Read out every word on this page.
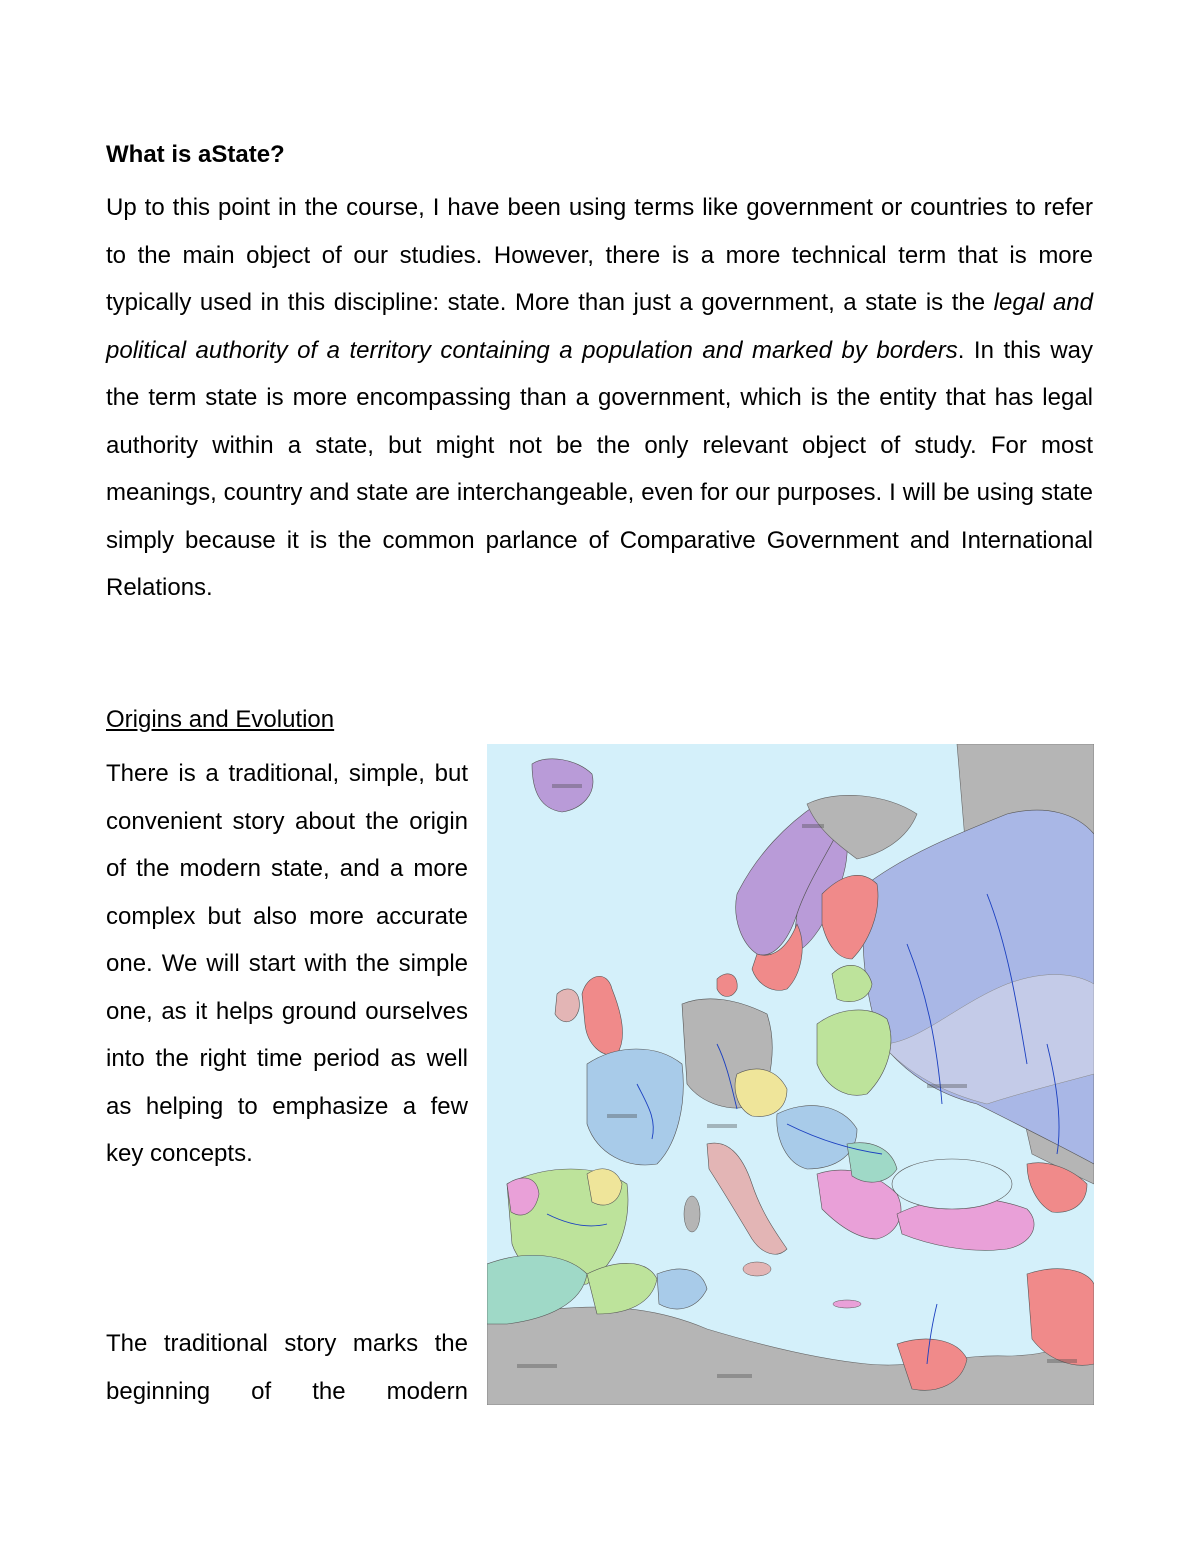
What is aState?

Up to this point in the course, I have been using terms like government or countries to refer to the main object of our studies. However, there is a more technical term that is more typically used in this discipline: state. More than just a government, a state is the legal and political authority of a territory containing a population and marked by borders. In this way the term state is more encompassing than a government, which is the entity that has legal authority within a state, but might not be the only relevant object of study. For most meanings, country and state are interchangeable, even for our purposes. I will be using state simply because it is the common parlance of Comparative Government and International Relations.

Origins and Evolution

There is a traditional, simple, but convenient story about the origin of the modern state, and a more complex but also more accurate one. We will start with the simple one, as it helps ground ourselves into the right time period as well as helping to emphasize a few key concepts.

The traditional story marks the beginning of the modern
